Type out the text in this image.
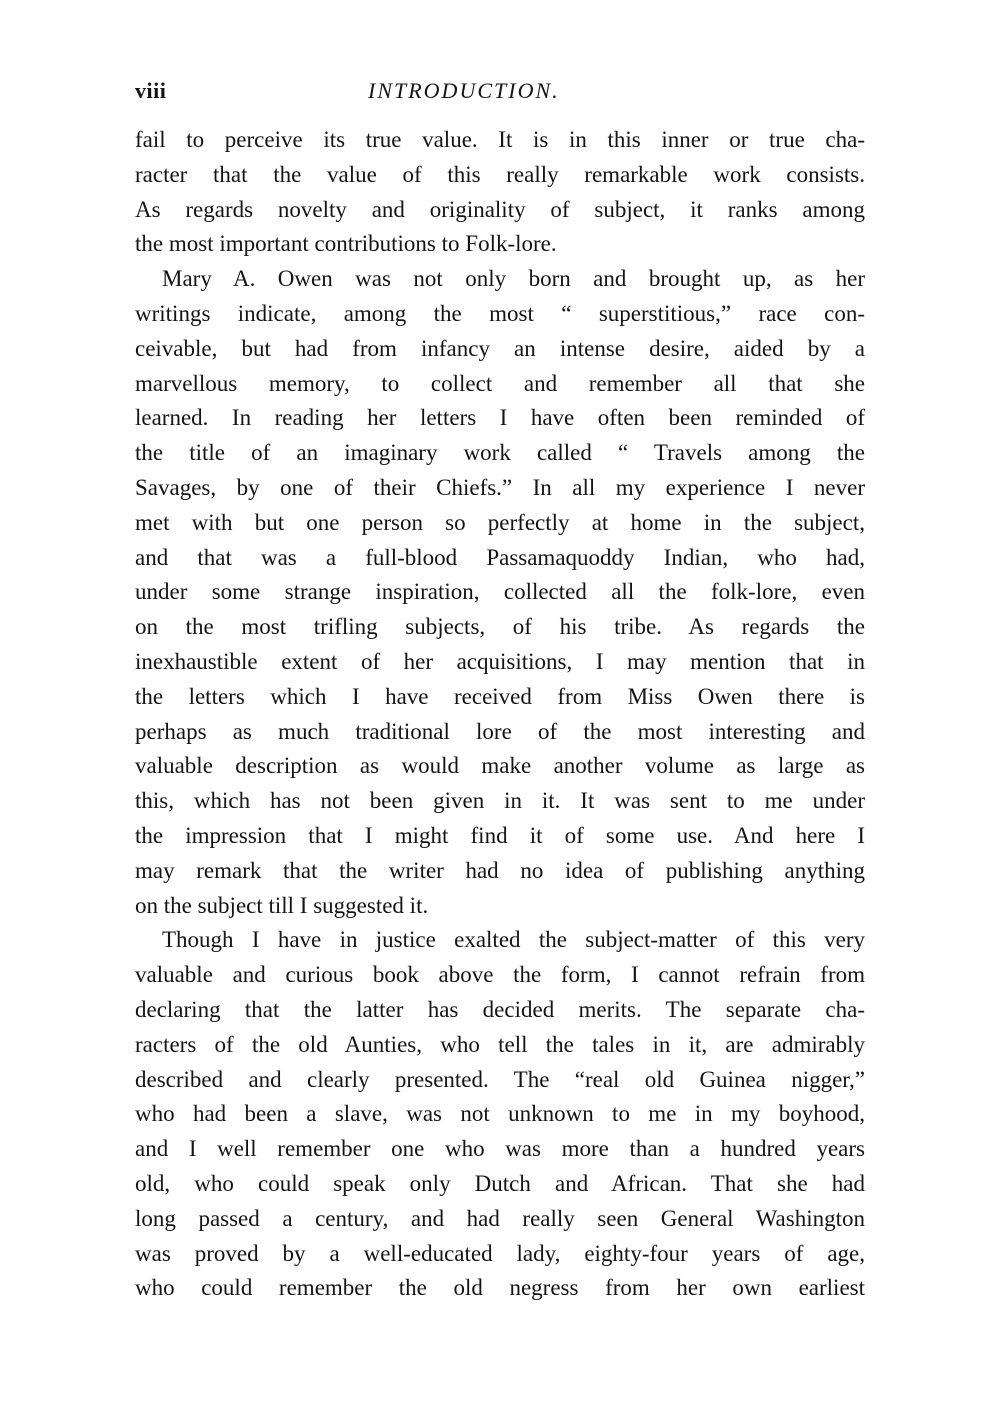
viii	INTRODUCTION.
fail to perceive its true value. It is in this inner or true cha-
racter that the value of this really remarkable work consists.
As regards novelty and originality of subject, it ranks among
the most important contributions to Folk-lore.
Mary A. Owen was not only born and brought up, as her
writings indicate, among the most “ superstitious,” race con-
ceivable, but had from infancy an intense desire, aided by a
marvellous memory, to collect and remember all that she
learned. In reading her letters I have often been reminded of
the title of an imaginary work called “ Travels among the
Savages, by one of their Chiefs.” In all my experience I never
met with but one person so perfectly at home in the subject,
and that was a full-blood Passamaquoddy Indian, who had,
under some strange inspiration, collected all the folk-lore, even
on the most trifling subjects, of his tribe. As regards the
inexhaustible extent of her acquisitions, I may mention that in
the letters which I have received from Miss Owen there is
perhaps as much traditional lore of the most interesting and
valuable description as would make another volume as large as
this, which has not been given in it. It was sent to me under
the impression that I might find it of some use. And here I
may remark that the writer had no idea of publishing anything
on the subject till I suggested it.
Though I have in justice exalted the subject-matter of this very
valuable and curious book above the form, I cannot refrain from
declaring that the latter has decided merits. The separate cha-
racters of the old Aunties, who tell the tales in it, are admirably
described and clearly presented. The “real old Guinea nigger,”
who had been a slave, was not unknown to me in my boyhood,
and I well remember one who was more than a hundred years
old, who could speak only Dutch and African. That she had
long passed a century, and had really seen General Washington
was proved by a well-educated lady, eighty-four years of age,
who could remember the old negress from her own earliest
